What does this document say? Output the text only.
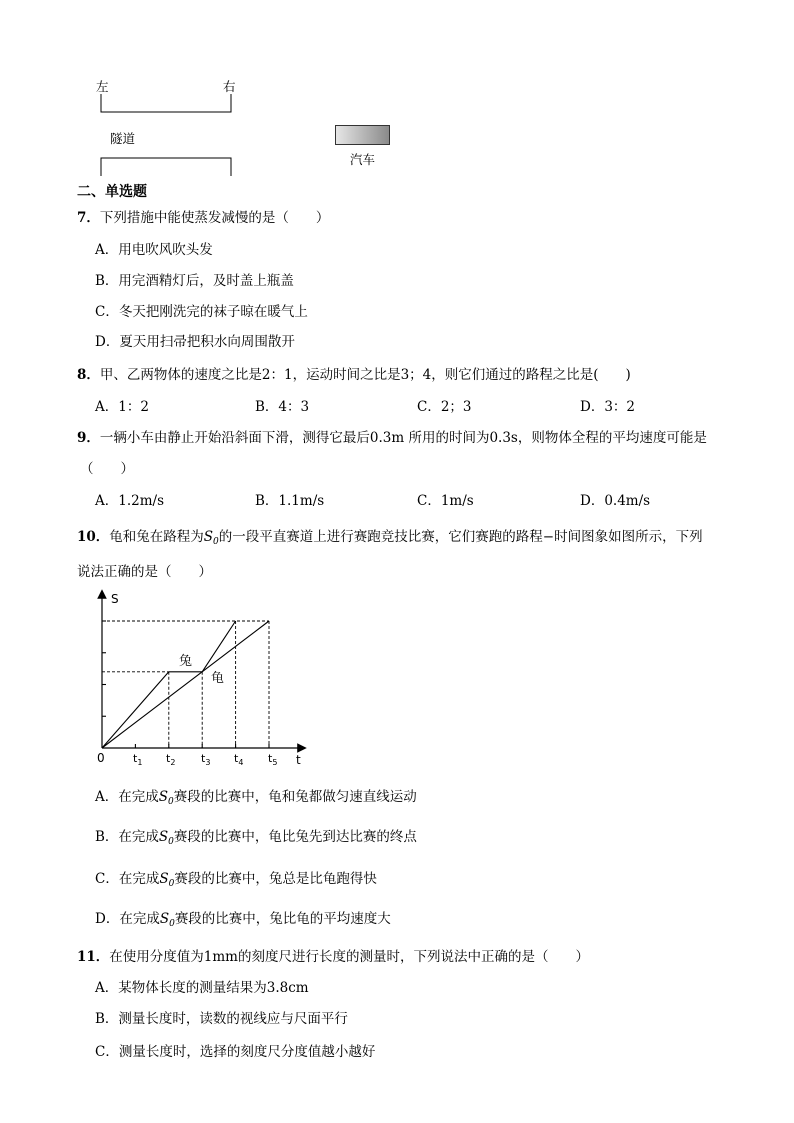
左	右
隧道
汽车
二、单选题
7．下列措施中能使蒸发减慢的是（　　）
A．用电吹风吹头发
B．用完酒精灯后，及时盖上瓶盖
C．冬天把刚洗完的袜子晾在暖气上
D．夏天用扫帚把积水向周围散开
8．甲、乙两物体的速度之比是2：1，运动时间之比是3；4，则它们通过的路程之比是(　　)
A．1：2	B．4：3	C．2；3	D．3：2
9．一辆小车由静止开始沿斜面下滑，测得它最后0.3m 所用的时间为0.3s，则物体全程的平均速度可能是
（　　）
A．1.2m/s	B．1.1m/s	C．1m/s	D．0.4m/s
10．龟和兔在路程为$S_0$的一段平直赛道上进行赛跑竞技比赛，它们赛跑的路程−时间图象如图所示，下列
说法正确的是（　　）
S
t
0
兔
龟
$t_1$ $t_2$ $t_3$ $t_4$ $t_5$
A．在完成$S_0$赛段的比赛中，龟和兔都做匀速直线运动
B．在完成$S_0$赛段的比赛中，龟比兔先到达比赛的终点
C．在完成$S_0$赛段的比赛中，兔总是比龟跑得快
D．在完成$S_0$赛段的比赛中，兔比龟的平均速度大
11．在使用分度值为1mm的刻度尺进行长度的测量时，下列说法中正确的是（　　）
A．某物体长度的测量结果为3.8cm
B．测量长度时，读数的视线应与尺面平行
C．测量长度时，选择的刻度尺分度值越小越好
